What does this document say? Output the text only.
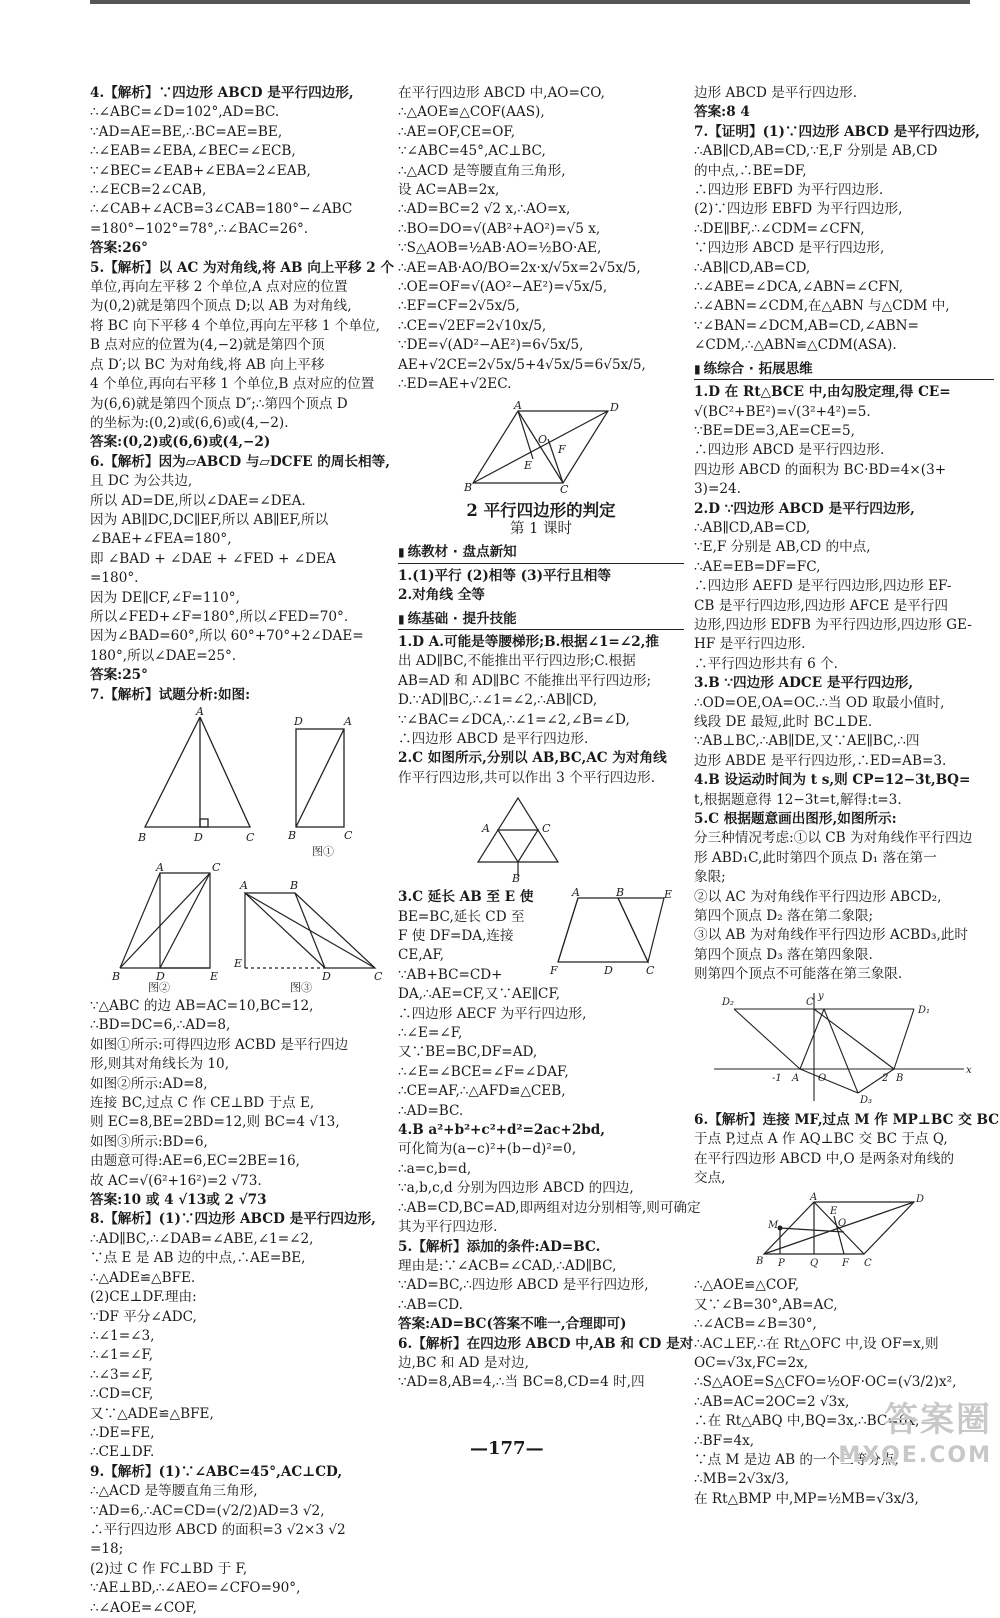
4.【解析】∵四边形 ABCD 是平行四边形,
∴∠ABC=∠D=102°,AD=BC.
∵AD=AE=BE,∴BC=AE=BE,
∴∠EAB=∠EBA,∠BEC=∠ECB,
∵∠BEC=∠EAB+∠EBA=2∠EAB,
∴∠ECB=2∠CAB,
∴∠CAB+∠ACB=3∠CAB=180°−∠ABC
=180°−102°=78°,∴∠BAC=26°.
答案:26°
5.【解析】以 AC 为对角线,将 AB 向上平移 2 个
单位,再向左平移 2 个单位,A 点对应的位置
为(0,2)就是第四个顶点 D;以 AB 为对角线,
将 BC 向下平移 4 个单位,再向左平移 1 个单位,
B 点对应的位置为(4,−2)就是第四个顶
点 D′;以 BC 为对角线,将 AB 向上平移
4 个单位,再向右平移 1 个单位,B 点对应的位置
为(6,6)就是第四个顶点 D″;∴第四个顶点 D
的坐标为:(0,2)或(6,6)或(4,−2).
答案:(0,2)或(6,6)或(4,−2)
6.【解析】因为▱ABCD 与▱DCFE 的周长相等,
且 DC 为公共边,
所以 AD=DE,所以∠DAE=∠DEA.
因为 AB∥DC,DC∥EF,所以 AB∥EF,所以
∠BAE+∠FEA=180°,
即 ∠BAD + ∠DAE + ∠FED + ∠DEA
=180°.
因为 DE∥CF,∠F=110°,
所以∠FED+∠F=180°,所以∠FED=70°.
因为∠BAD=60°,所以 60°+70°+2∠DAE=
180°,所以∠DAE=25°.
答案:25°
7.【解析】试题分析:如图:
A
B	D	C
D	A
B	C
图①
A	C
B	D	E
A	B
E
D	C
图②	图③
∵△ABC 的边 AB=AC=10,BC=12,
∴BD=DC=6,∴AD=8,
如图①所示:可得四边形 ACBD 是平行四边
形,则其对角线长为 10,
如图②所示:AD=8,
连接 BC,过点 C 作 CE⊥BD 于点 E,
则 EC=8,BE=2BD=12,则 BC=4 √13,
如图③所示:BD=6,
由题意可得:AE=6,EC=2BE=16,
故 AC=√(6²+16²)=2 √73.
答案:10 或 4 √13或 2 √73
8.【解析】(1)∵四边形 ABCD 是平行四边形,
∴AD∥BC,∴∠DAB=∠ABE,∠1=∠2,
∵点 E 是 AB 边的中点,∴AE=BE,
∴△ADE≌△BFE.
(2)CE⊥DF.理由:
∵DF 平分∠ADC,
∴∠1=∠3,
∴∠1=∠F,
∴∠3=∠F,
∴CD=CF,
又∵△ADE≌△BFE,
∴DE=FE,
∴CE⊥DF.
9.【解析】(1)∵∠ABC=45°,AC⊥CD,
∴△ACD 是等腰直角三角形,
∵AD=6,∴AC=CD=(√2/2)AD=3 √2,
∴平行四边形 ABCD 的面积=3 √2×3 √2
=18;
(2)过 C 作 FC⊥BD 于 F,
∵AE⊥BD,∴∠AEO=∠CFO=90°,
∴∠AOE=∠COF,
在平行四边形 ABCD 中,AO=CO,
∴△AOE≌△COF(AAS),
∴AE=OF,CE=OF,
∵∠ABC=45°,AC⊥BC,
∴△ACD 是等腰直角三角形,
设 AC=AB=2x,
∴AD=BC=2 √2 x,∴AO=x,
∴BO=DO=√(AB²+AO²)=√5 x,
∵S△AOB=½AB·AO=½BO·AE,
∴AE=AB·AO/BO=2x·x/√5x=2√5x/5,
∴OE=OF=√(AO²−AE²)=√5x/5,
∴EF=CF=2√5x/5,
∴CE=√2EF=2√10x/5,
∵DE=√(AD²−AE²)=6√5x/5,
AE+√2CE=2√5x/5+4√5x/5=6√5x/5,
∴ED=AE+√2EC.
A	D
B	C
O
E
F
2 平行四边形的判定
第 1 课时
▮ 练教材 · 盘点新知
1.(1)平行 (2)相等 (3)平行且相等
2.对角线 全等
▮ 练基础 · 提升技能
1.D A.可能是等腰梯形;B.根据∠1=∠2,推
出 AD∥BC,不能推出平行四边形;C.根据
AB=AD 和 AD∥BC 不能推出平行四边形;
D.∵AD∥BC,∴∠1=∠2,∴AB∥CD,
∵∠BAC=∠DCA,∴∠1=∠2,∠B=∠D,
∴四边形 ABCD 是平行四边形.
2.C 如图所示,分别以 AB,BC,AC 为对角线
作平行四边形,共可以作出 3 个平行四边形.
A	C
B
A	B	E
F	D	C
3.C 延长 AB 至 E 使
BE=BC,延长 CD 至
F 使 DF=DA,连接
CE,AF,
∵AB+BC=CD+
DA,∴AE=CF,又∵AE∥CF,
∴四边形 AECF 为平行四边形,
∴∠E=∠F,
又∵BE=BC,DF=AD,
∴∠E=∠BCE=∠F=∠DAF,
∴CE=AF,∴△AFD≌△CEB,
∴AD=BC.
4.B a²+b²+c²+d²=2ac+2bd,
可化简为(a−c)²+(b−d)²=0,
∴a=c,b=d,
∵a,b,c,d 分别为四边形 ABCD 的四边,
∴AB=CD,BC=AD,即两组对边分别相等,则可确定
其为平行四边形.
5.【解析】添加的条件:AD=BC.
理由是:∵∠ACB=∠CAD,∴AD∥BC,
∵AD=BC,∴四边形 ABCD 是平行四边形,
∴AB=CD.
答案:AD=BC(答案不唯一,合理即可)
6.【解析】在四边形 ABCD 中,AB 和 CD 是对
边,BC 和 AD 是对边,
∵AD=8,AB=4,∴当 BC=8,CD=4 时,四
边形 ABCD 是平行四边形.
答案:8 4
7.【证明】(1)∵四边形 ABCD 是平行四边形,
∴AB∥CD,AB=CD,∵E,F 分别是 AB,CD
的中点,∴BE=DF,
∴四边形 EBFD 为平行四边形.
(2)∵四边形 EBFD 为平行四边形,
∴DE∥BF,∴∠CDM=∠CFN,
∵四边形 ABCD 是平行四边形,
∴AB∥CD,AB=CD,
∴∠ABE=∠DCA,∠ABN=∠CFN,
∴∠ABN=∠CDM,在△ABN 与△CDM 中,
∵∠BAN=∠DCM,AB=CD,∠ABN=
∠CDM,∴△ABN≌△CDM(ASA).
▮ 练综合 · 拓展思维
1.D 在 Rt△BCE 中,由勾股定理,得 CE=
√(BC²+BE²)=√(3²+4²)=5.
∵BE=DE=3,AE=CE=5,
∴四边形 ABCD 是平行四边形.
四边形 ABCD 的面积为 BC·BD=4×(3+
3)=24.
2.D ∵四边形 ABCD 是平行四边形,
∴AB∥CD,AB=CD,
∵E,F 分别是 AB,CD 的中点,
∴AE=EB=DF=FC,
∴四边形 AEFD 是平行四边形,四边形 EF-
CB 是平行四边形,四边形 AFCE 是平行四
边形,四边形 EDFB 为平行四边形,四边形 GE-
HF 是平行四边形.
∴平行四边形共有 6 个.
3.B ∵四边形 ADCE 是平行四边形,
∴OD=OE,OA=OC.∴当 OD 取最小值时,
线段 DE 最短,此时 BC⊥DE.
∵AB⊥BC,∴AB∥DE,又∵AE∥BC,∴四
边形 ABDE 是平行四边形,∴ED=AB=3.
4.B 设运动时间为 t s,则 CP=12−3t,BQ=
t,根据题意得 12−3t=t,解得:t=3.
5.C 根据题意画出图形,如图所示:
分三种情况考虑:①以 CB 为对角线作平行四边
形 ABD₁C,此时第四个顶点 D₁ 落在第一
象限;
②以 AC 为对角线作平行四边形 ABCD₂,
第四个顶点 D₂ 落在第二象限;
③以 AB 为对角线作平行四边形 ACBD₃,此时
第四个顶点 D₃ 落在第四象限.
则第四个顶点不可能落在第三象限.
D₂
D₁
C
y
x
-1 A O	2 B
D₃
6.【解析】连接 MF,过点 M 作 MP⊥BC 交 BC
于点 P,过点 A 作 AQ⊥BC 交 BC 于点 Q,
在平行四边形 ABCD 中,O 是两条对角线的
交点,
A	D
M
B P	Q F C
O
E
∴△AOE≌△COF,
又∵∠B=30°,AB=AC,
∴∠ACB=∠B=30°,
∴AC⊥EF,∴在 Rt△OFC 中,设 OF=x,则
OC=√3x,FC=2x,
∴S△AOE=S△CFO=½OF·OC=(√3/2)x²,
∴AB=AC=2OC=2 √3x,
∴在 Rt△ABQ 中,BQ=3x,∴BC=6x,
∴BF=4x,
∵点 M 是边 AB 的一个三等分点,
∴MB=2√3x/3,
在 Rt△BMP 中,MP=½MB=√3x/3,
—177—
答案圈
MXQE.COM
